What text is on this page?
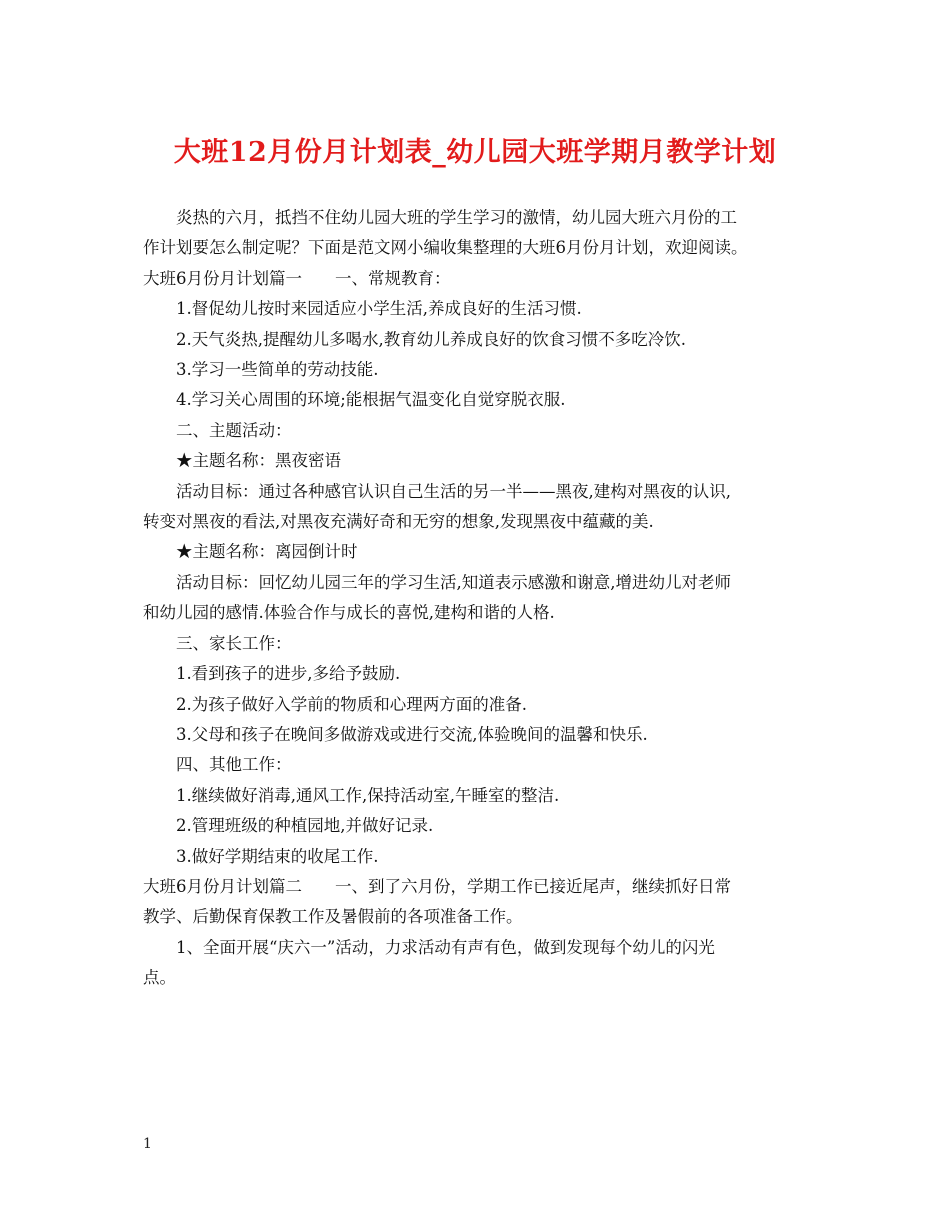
大班12月份月计划表_幼儿园大班学期月教学计划

炎热的六月，抵挡不住幼儿园大班的学生学习的激情，幼儿园大班六月份的工

作计划要怎么制定呢？下面是范文网小编收集整理的大班6月份月计划，欢迎阅读。

大班6月份月计划篇一　　一、常规教育：

1.督促幼儿按时来园适应小学生活,养成良好的生活习惯.

2.天气炎热,提醒幼儿多喝水,教育幼儿养成良好的饮食习惯不多吃冷饮.

3.学习一些简单的劳动技能.

4.学习关心周围的环境;能根据气温变化自觉穿脱衣服.

二、主题活动：

★主题名称：黑夜密语

活动目标：通过各种感官认识自己生活的另一半——黑夜,建构对黑夜的认识,

转变对黑夜的看法,对黑夜充满好奇和无穷的想象,发现黑夜中蕴藏的美.

★主题名称：离园倒计时

活动目标：回忆幼儿园三年的学习生活,知道表示感激和谢意,增进幼儿对老师

和幼儿园的感情.体验合作与成长的喜悦,建构和谐的人格.

三、家长工作：

1.看到孩子的进步,多给予鼓励.

2.为孩子做好入学前的物质和心理两方面的准备.

3.父母和孩子在晚间多做游戏或进行交流,体验晚间的温馨和快乐.

四、其他工作：

1.继续做好消毒,通风工作,保持活动室,午睡室的整洁.

2.管理班级的种植园地,并做好记录.

3.做好学期结束的收尾工作.

大班6月份月计划篇二　　一、到了六月份，学期工作已接近尾声，继续抓好日常

教学、后勤保育保教工作及暑假前的各项准备工作。

1、全面开展“庆六一”活动，力求活动有声有色，做到发现每个幼儿的闪光

点。

1
